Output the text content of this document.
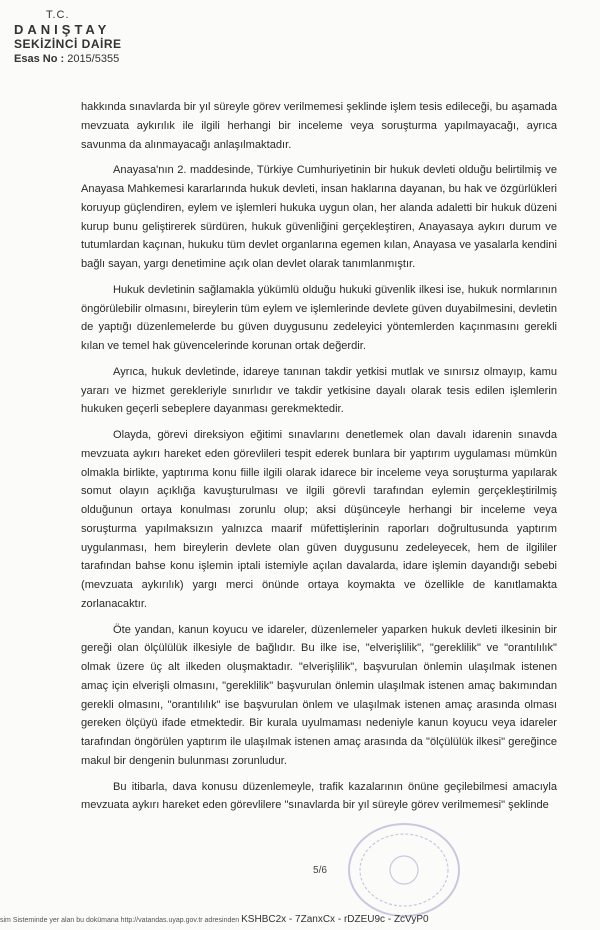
T.C.
DANIŞTAY
SEKİZİNCİ DAİRE
Esas No : 2015/5355

hakkında sınavlarda bir yıl süreyle görev verilmemesi şeklinde işlem tesis edileceği, bu aşamada mevzuata aykırılık ile ilgili herhangi bir inceleme veya soruşturma yapılmayacağı, ayrıca savunma da alınmayacağı anlaşılmaktadır.

Anayasa'nın 2. maddesinde, Türkiye Cumhuriyetinin bir hukuk devleti olduğu belirtilmiş ve Anayasa Mahkemesi kararlarında hukuk devleti, insan haklarına dayanan, bu hak ve özgürlükleri koruyup güçlendiren, eylem ve işlemleri hukuka uygun olan, her alanda adaletti bir hukuk düzeni kurup bunu geliştirerek sürdüren, hukuk güvenliğini gerçekleştiren, Anayasaya aykırı durum ve tutumlardan kaçınan, hukuku tüm devlet organlarına egemen kılan, Anayasa ve yasalarla kendini bağlı sayan, yargı denetimine açık olan devlet olarak tanımlanmıştır.

Hukuk devletinin sağlamakla yükümlü olduğu hukuki güvenlik ilkesi ise, hukuk normlarının öngörülebilir olmasını, bireylerin tüm eylem ve işlemlerinde devlete güven duyabilmesini, devletin de yaptığı düzenlemelerde bu güven duygusunu zedeleyici yöntemlerden kaçınmasını gerekli kılan ve temel hak güvencelerinde korunan ortak değerdir.

Ayrıca, hukuk devletinde, idareye tanınan takdir yetkisi mutlak ve sınırsız olmayıp, kamu yararı ve hizmet gerekleriyle sınırlıdır ve takdir yetkisine dayalı olarak tesis edilen işlemlerin hukuken geçerli sebeplere dayanması gerekmektedir.

Olayda, görevi direksiyon eğitimi sınavlarını denetlemek olan davalı idarenin sınavda mevzuata aykırı hareket eden görevlileri tespit ederek bunlara bir yaptırım uygulaması mümkün olmakla birlikte, yaptırıma konu fiille ilgili olarak idarece bir inceleme veya soruşturma yapılarak somut olayın açıklığa kavuşturulması ve ilgili görevli tarafından eylemin gerçekleştirilmiş olduğunun ortaya konulması zorunlu olup; aksi düşünceyle herhangi bir inceleme veya soruşturma yapılmaksızın yalnızca maarif müfettişlerinin raporları doğrultusunda yaptırım uygulanması, hem bireylerin devlete olan güven duygusunu zedeleyecek, hem de ilgililer tarafından bahse konu işlemin iptali istemiyle açılan davalarda, idare işlemin dayandığı sebebi (mevzuata aykırılık) yargı merci önünde ortaya koymakta ve özellikle de kanıtlamakta zorlanacaktır.

Öte yandan, kanun koyucu ve idareler, düzenlemeler yaparken hukuk devleti ilkesinin bir gereği olan ölçülülük ilkesiyle de bağlıdır. Bu ilke ise, "elverişlilik", "gereklilik" ve "orantılılık" olmak üzere üç alt ilkeden oluşmaktadır. "elverişlilik", başvurulan önlemin ulaşılmak istenen amaç için elverişli olmasını, "gereklilik" başvurulan önlemin ulaşılmak istenen amaç bakımından gerekli olmasını, "orantılılık" ise başvurulan önlem ve ulaşılmak istenen amaç arasında olması gereken ölçüyü ifade etmektedir. Bir kurala uyulmaması nedeniyle kanun koyucu veya idareler tarafından öngörülen yaptırım ile ulaşılmak istenen amaç arasında da "ölçülülük ilkesi" gereğince makul bir dengenin bulunması zorunludur.

Bu itibarla, dava konusu düzenlemeyle, trafik kazalarının önüne geçilebilmesi amacıyla mevzuata aykırı hareket eden görevlilere "sınavlarda bir yıl süreyle görev verilmemesi" şeklinde

5/6
sim Sisteminde yer alan bu dokümana http://vatandas.uyap.gov.tr adresinden KSHBC2x - 7ZanxCx - rDZEU9c - ZcVyP0
